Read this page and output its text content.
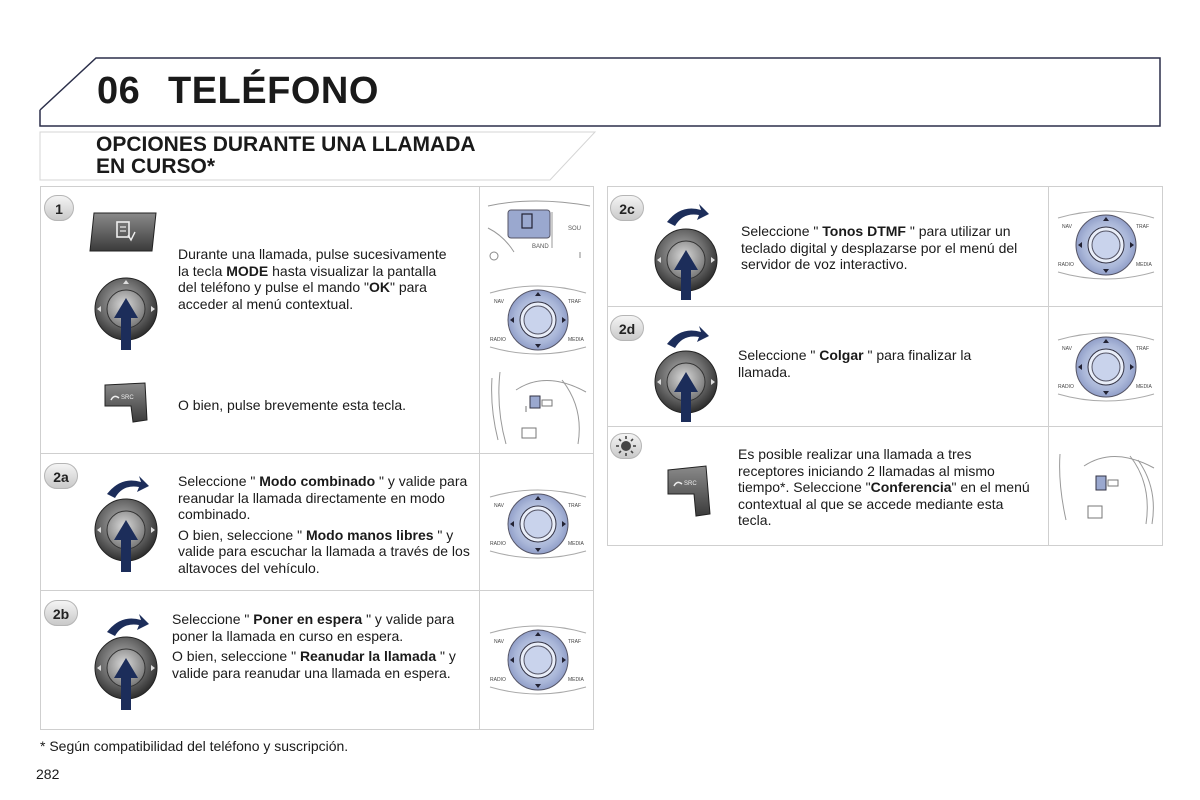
06 TELÉFONO
OPCIONES DURANTE UNA LLAMADA
EN CURSO*
1
2a
2b
2c
2d
SRC
SRC
SOU
BAND
NAV	TRAF
RADIO	MEDIA
NAV	TRAF
RADIO	MEDIA
NAV	TRAF
RADIO	MEDIA
NAV	TRAF
RADIO	MEDIA
NAV	TRAF
RADIO	MEDIA

Durante una llamada, pulse sucesivamente la tecla MODE hasta visualizar la pantalla del teléfono y pulse el mando "OK" para acceder al menú contextual.

O bien, pulse brevemente esta tecla.

Seleccione " Modo combinado " y valide para reanudar la llamada directamente en modo combinado.

O bien, seleccione " Modo manos libres " y valide para escuchar la llamada a través de los altavoces del vehículo.

Seleccione " Poner en espera " y valide para poner la llamada en curso en espera.

O bien, seleccione " Reanudar la llamada " y valide para reanudar una llamada en espera.

Seleccione " Tonos DTMF " para utilizar un teclado digital y desplazarse por el menú del servidor de voz interactivo.

Seleccione " Colgar " para finalizar la llamada.

Es posible realizar una llamada a tres receptores iniciando 2 llamadas al mismo tiempo*. Seleccione "Conferencia" en el menú contextual al que se accede mediante esta tecla.

* Según compatibilidad del teléfono y suscripción.
282
